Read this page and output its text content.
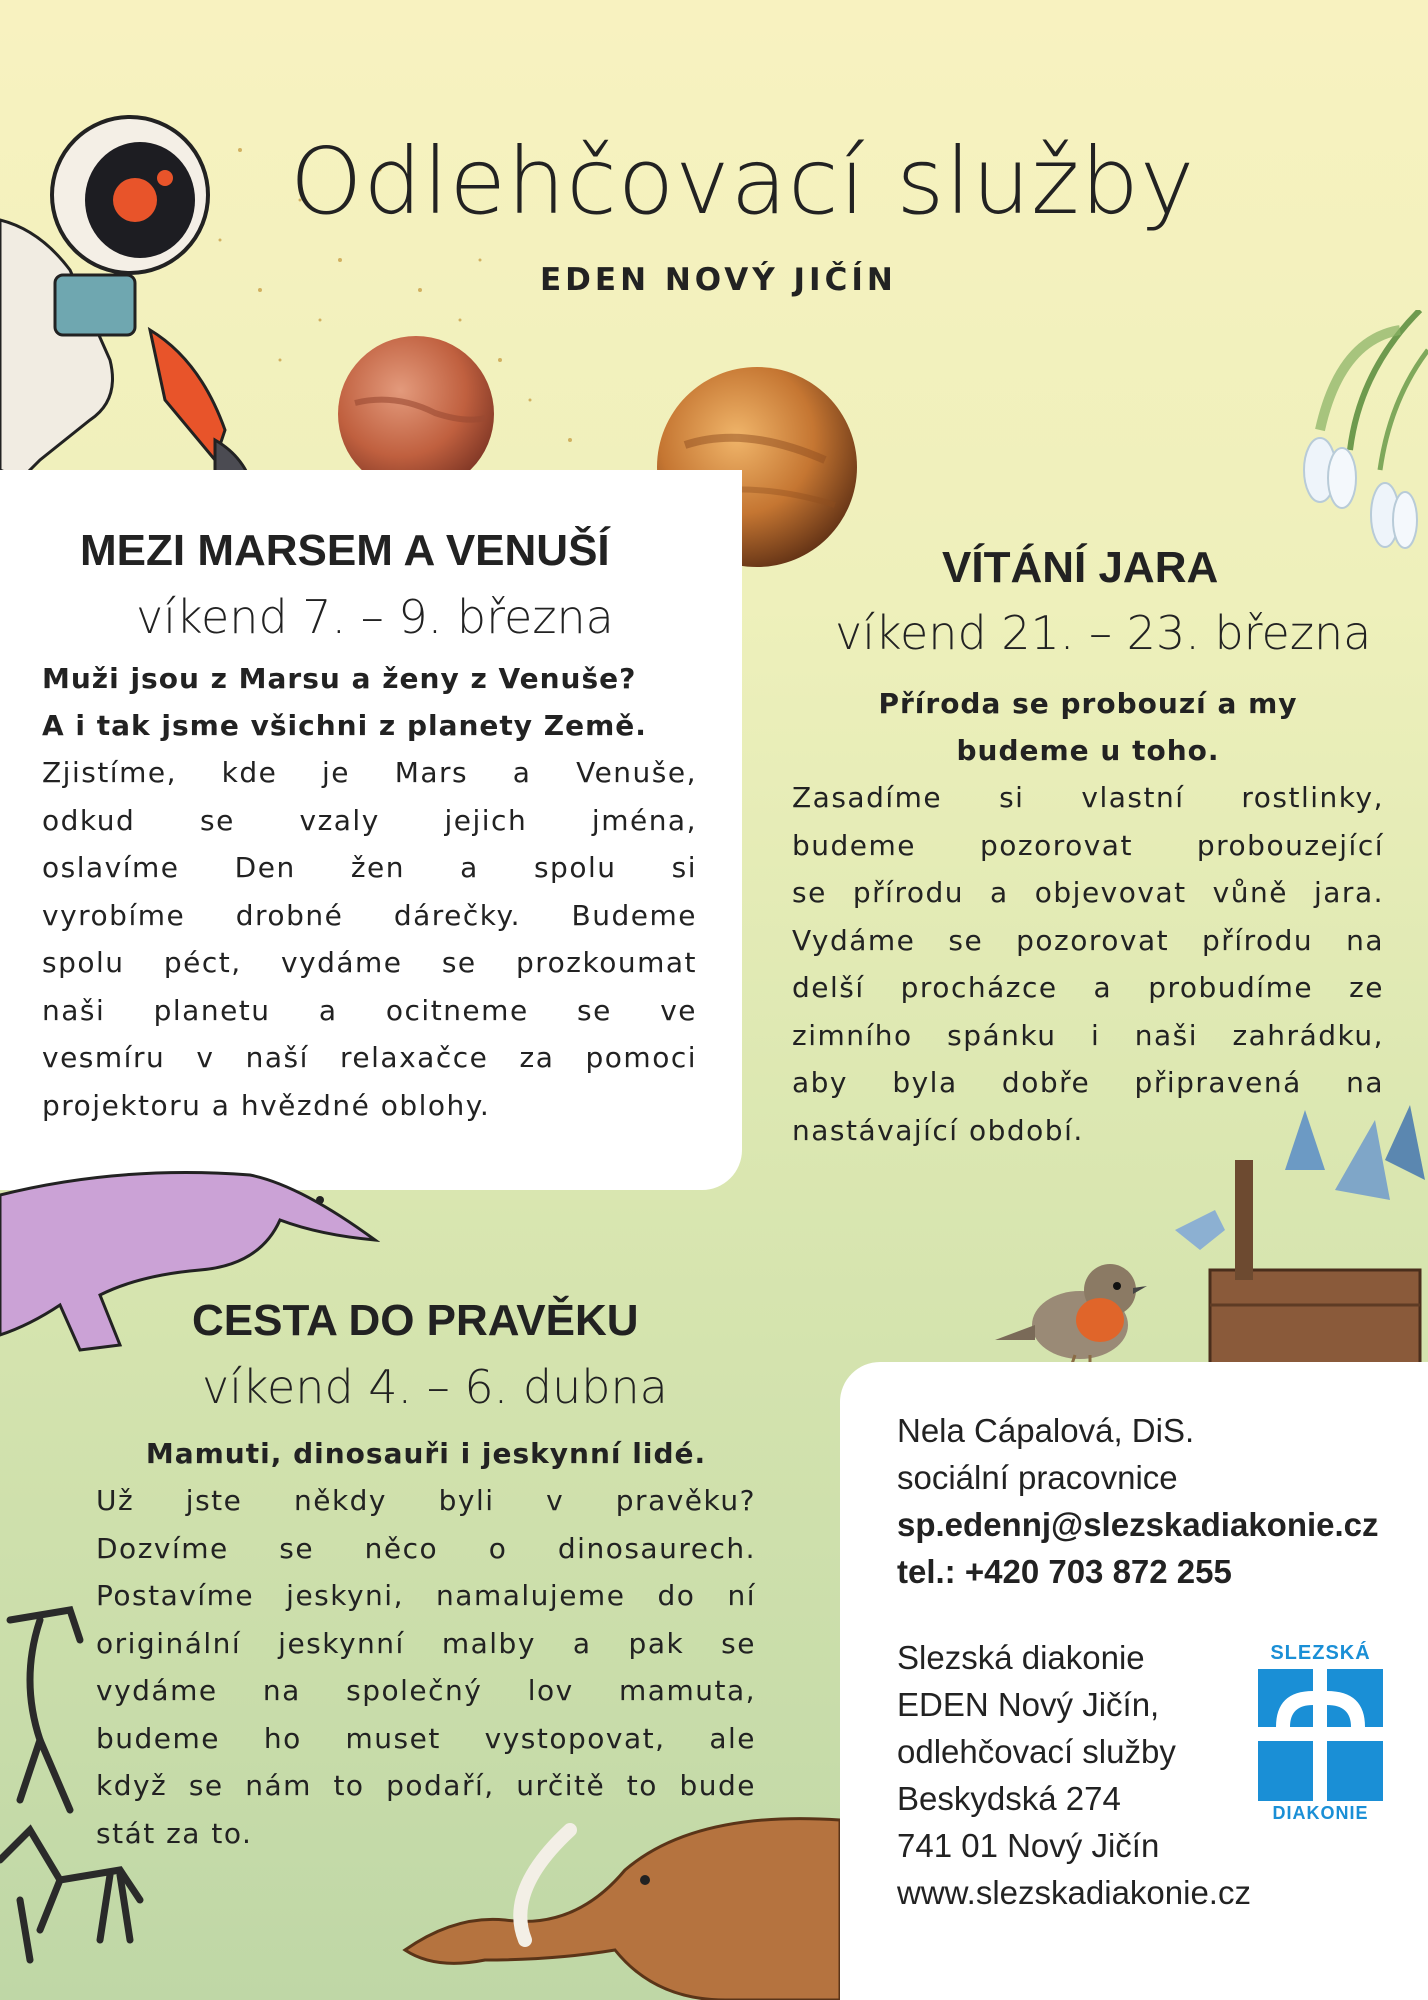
Odlehčovací služby
EDEN NOVÝ JIČÍN
MEZI MARSEM A VENUŠÍ
víkend 7. – 9. března
Muži jsou z Marsu a ženy z Venuše?
A i tak jsme všichni z planety Země.
Zjistíme, kde je Mars a Venuše,
odkud se vzaly jejich jména,
oslavíme Den žen a spolu si
vyrobíme drobné dárečky. Budeme
spolu péct, vydáme se prozkoumat
naši planetu a ocitneme se ve
vesmíru v naší relaxačce za pomoci
projektoru a hvězdné oblohy.
VÍTÁNÍ JARA
víkend 21. – 23. března
Příroda se probouzí a my
budeme u toho.
Zasadíme si vlastní rostlinky,
budeme pozorovat probouzející
se přírodu a objevovat vůně jara.
Vydáme se pozorovat přírodu na
delší procházce a probudíme ze
zimního spánku i naši zahrádku,
aby byla dobře připravená na
nastávající období.
CESTA DO PRAVĚKU
víkend 4. – 6. dubna
Mamuti, dinosauři i jeskynní lidé.
Už jste někdy byli v pravěku?
Dozvíme se něco o dinosaurech.
Postavíme jeskyni, namalujeme do ní
originální jeskynní malby a pak se
vydáme na společný lov mamuta,
budeme ho muset vystopovat, ale
když se nám to podaří, určitě to bude
stát za to.
Nela Cápalová, DiS.
sociální pracovnice
sp.edennj@slezskadiakonie.cz
tel.: +420 703 872 255
Slezská diakonie
EDEN Nový Jičín,
odlehčovací služby
Beskydská 274
741 01 Nový Jičín
www.slezskadiakonie.cz
SLEZSKÁ
DIAKONIE
